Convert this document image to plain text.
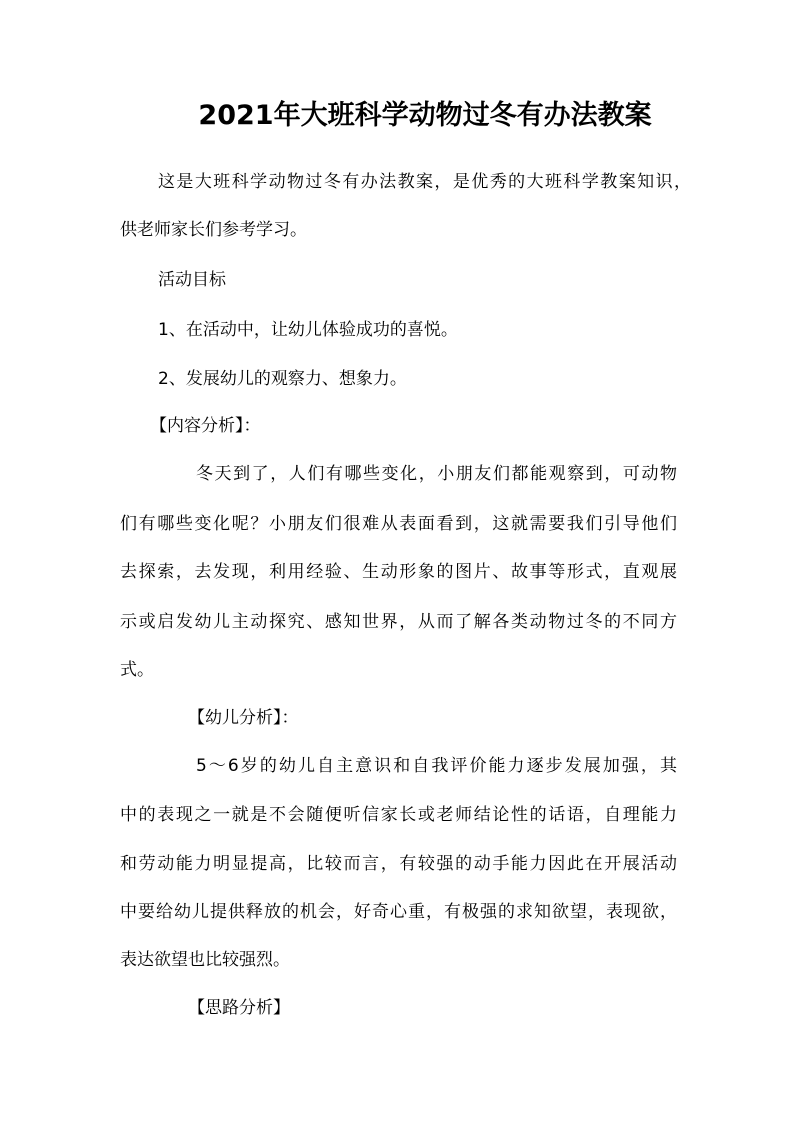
2021年大班科学动物过冬有办法教案
这是大班科学动物过冬有办法教案，是优秀的大班科学教案知识，
供老师家长们参考学习。
活动目标
1、在活动中，让幼儿体验成功的喜悦。
2、发展幼儿的观察力、想象力。
【内容分析】：
冬天到了，人们有哪些变化，小朋友们都能观察到，可动物
们有哪些变化呢？小朋友们很难从表面看到，这就需要我们引导他们
去探索，去发现，利用经验、生动形象的图片、故事等形式，直观展
示或启发幼儿主动探究、感知世界，从而了解各类动物过冬的不同方
式。
【幼儿分析】：
5～6岁的幼儿自主意识和自我评价能力逐步发展加强，其
中的表现之一就是不会随便听信家长或老师结论性的话语，自理能力
和劳动能力明显提高，比较而言，有较强的动手能力因此在开展活动
中要给幼儿提供释放的机会，好奇心重，有极强的求知欲望，表现欲，
表达欲望也比较强烈。
【思路分析】
